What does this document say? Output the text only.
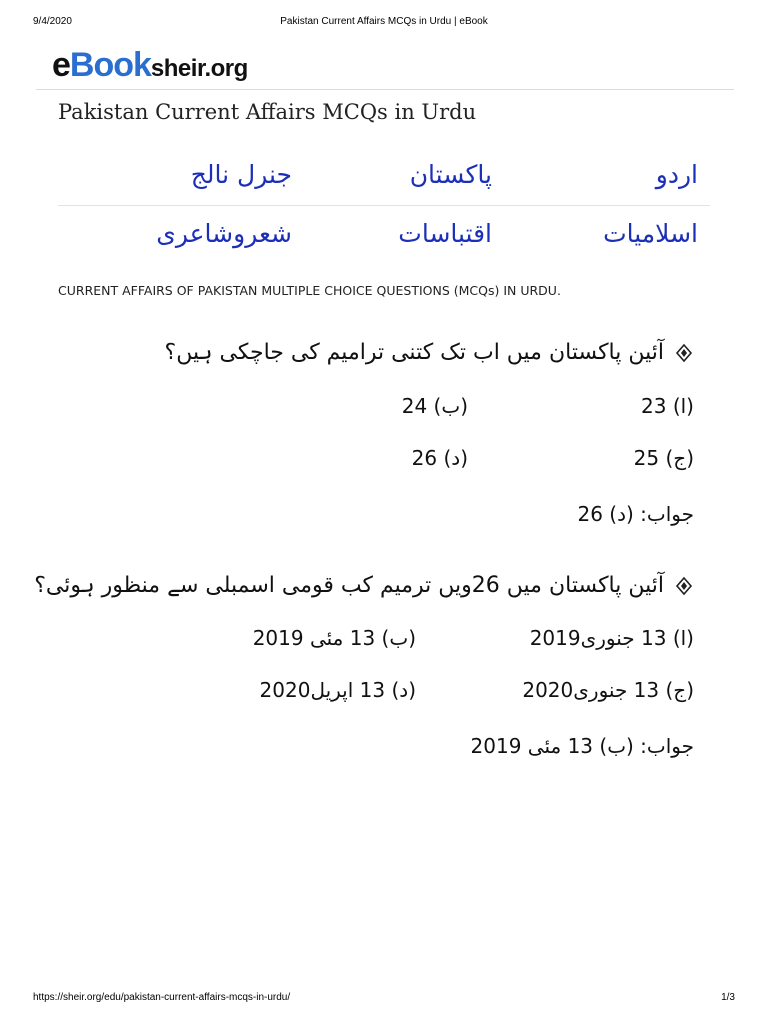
9/4/2020	Pakistan Current Affairs MCQs in Urdu | eBook
eBooksheir.org
Pakistan Current Affairs MCQs in Urdu
اردو
پاکستان
جنرل نالج
اسلامیات
اقتباسات
شعروشاعری
CURRENT AFFAIRS OF PAKISTAN MULTIPLE CHOICE QUESTIONS (MCQs) IN URDU.
آئین پاکستان میں اب تک کتنی ترامیم کی جاچکی ہیں؟
(ا) 23
(ب) 24
(ج) 25
(د) 26
جواب: (د) 26
آئین پاکستان میں 26ویں ترمیم کب قومی اسمبلی سے منظور ہوئی؟
(ا) 13 جنوری2019
(ب) 13 مئی 2019
(ج) 13 جنوری2020
(د) 13 اپریل2020
جواب: (ب) 13 مئی 2019
https://sheir.org/edu/pakistan-current-affairs-mcqs-in-urdu/	1/3
